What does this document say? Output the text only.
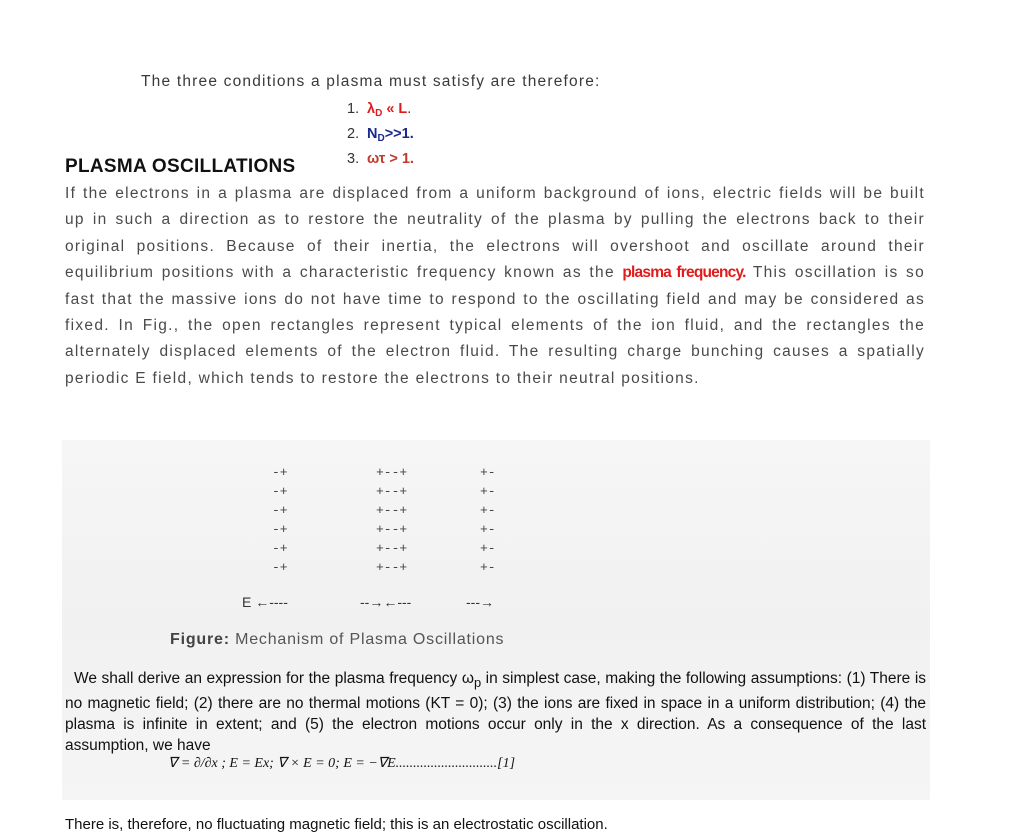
The three conditions a plasma must satisfy are therefore:
1. $\lambda_D$ « L.
2. $N_D>>1$.
3. ωτ > 1.
PLASMA OSCILLATIONS
If the electrons in a plasma are displaced from a uniform background of ions, electric fields will be built up in such a direction as to restore the neutrality of the plasma by pulling the electrons back to their original positions. Because of their inertia, the electrons will overshoot and oscillate around their equilibrium positions with a characteristic frequency known as the plasma frequency. This oscillation is so fast that the massive ions do not have time to respond to the oscillating field and may be considered as fixed. In Fig., the open rectangles represent typical elements of the ion fluid, and the rectangles the alternately displaced elements of the electron fluid. The resulting charge bunching causes a spatially periodic E field, which tends to restore the electrons to their neutral positions.
-+	+--+	+-
-+	+--+	+-
-+	+--+	+-
-+	+--+	+-
-+	+--+	+-
-+	+--+	+-
E ←----	--→←---	---→
Figure: Mechanism of Plasma Oscillations
We shall derive an expression for the plasma frequency $\omega_p$ in simplest case, making the following assumptions: (1) There is no magnetic field; (2) there are no thermal motions (KT = 0); (3) the ions are fixed in space in a uniform distribution; (4) the plasma is infinite in extent; and (5) the electron motions occur only in the x direction. As a consequence of the last assumption, we have
∇ = ∂/∂x ; E = Ex; ∇ × E = 0; E = −∇E.............................[1]
There is, therefore, no fluctuating magnetic field; this is an electrostatic oscillation.
